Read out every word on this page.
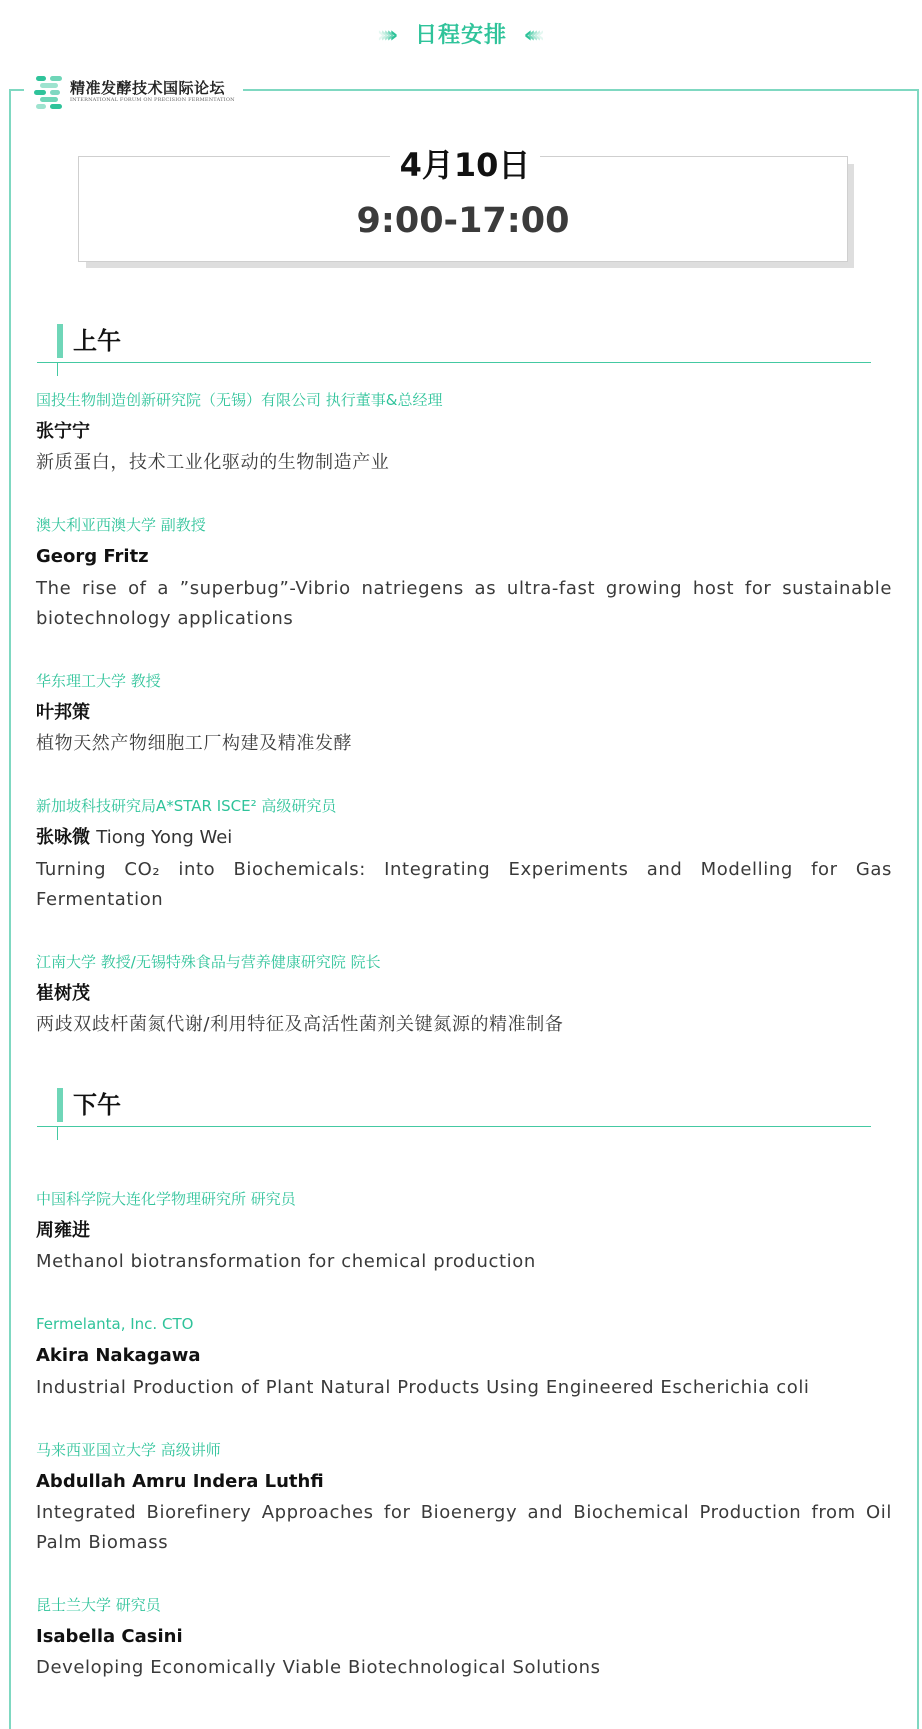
››››› 日程安排 ‹‹‹‹‹
精准发酵技术国际论坛
INTERNATIONAL FORUM ON PRECISION FERMENTATION
4月10日
9:00-17:00
上午
国投生物制造创新研究院（无锡）有限公司 执行董事&总经理
张宁宁
新质蛋白，技术工业化驱动的生物制造产业
澳大利亚西澳大学 副教授
Georg Fritz
The rise of a ”superbug”-Vibrio natriegens as ultra-fast growing host for sustainable biotechnology applications
华东理工大学 教授
叶邦策
植物天然产物细胞工厂构建及精准发酵
新加坡科技研究局A*STAR ISCE² 高级研究员
张咏微 Tiong Yong Wei
Turning CO₂ into Biochemicals: Integrating Experiments and Modelling for Gas Fermentation
江南大学 教授/无锡特殊食品与营养健康研究院 院长
崔树茂
两歧双歧杆菌氮代谢/利用特征及高活性菌剂关键氮源的精准制备
下午
中国科学院大连化学物理研究所 研究员
周雍进
Methanol biotransformation for chemical production
Fermelanta, Inc. CTO
Akira Nakagawa
Industrial Production of Plant Natural Products Using Engineered Escherichia coli
马来西亚国立大学 高级讲师
Abdullah Amru Indera Luthfi
Integrated Biorefinery Approaches for Bioenergy and Biochemical Production from Oil Palm Biomass
昆士兰大学 研究员
Isabella Casini
Developing Economically Viable Biotechnological Solutions
